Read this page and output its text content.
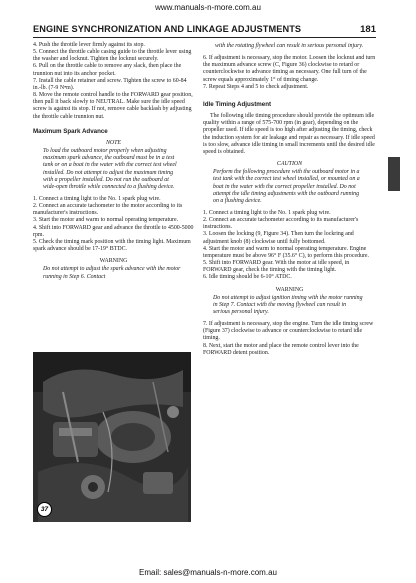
www.manuals-n-more.com.au
ENGINE SYNCHRONIZATION AND LINKAGE ADJUSTMENTS	181

4. Push the throttle lever firmly against its stop.

5. Connect the throttle cable casing guide to the throttle lever using the washer and locknut. Tighten the locknut securely.

6. Pull on the throttle cable to remove any slack, then place the trunnion nut into its anchor pocket.

7. Install the cable retainer and screw. Tighten the screw to 60-84 in.-lb. (7-9 N•m).

8. Move the remote control handle to the FORWARD gear position, then pull it back slowly to NEUTRAL. Make sure the idle speed screw is against its stop. If not, remove cable backlash by adjusting the throttle cable trunnion nut.

Maximum Spark Advance

NOTE

To load the outboard motor properly when adjusting maximum spark advance, the outboard must be in a test tank or on a boat in the water with the correct test wheel installed. Do not attempt to adjust the maximum timing with a propeller installed. Do not run the outboard at wide-open throttle while connected to a flushing device.

1. Connect a timing light to the No. 1 spark plug wire.

2. Connect an accurate tachometer to the motor according to its manufacturer's instructions.

3. Start the motor and warm to normal operating temperature.

4. Shift into FORWARD gear and advance the throttle to 4500-5000 rpm.

5. Check the timing mark position with the timing light. Maximum spark advance should be 17-19° BTDC.

WARNING

Do not attempt to adjust the spark advance with the motor running in Step 6. Contact

37

with the rotating flywheel can result in serious personal injury.

6. If adjustment is necessary, stop the motor. Loosen the locknut and turn the maximum advance screw (C, Figure 36) clockwise to retard or counterclockwise to advance timing as necessary. One full turn of the screw equals approximately 1° of timing change.

7. Repeat Steps 4 and 5 to check adjustment.

Idle Timing Adjustment

The following idle timing procedure should provide the optimum idle quality within a range of 575-700 rpm (in gear), depending on the propeller used. If idle speed is too high after adjusting the timing, check the induction system for air leakage and repair as necessary. If idle speed is too slow, advance idle timing in small increments until the desired idle speed is obtained.

CAUTION

Perform the following procedure with the outboard motor in a test tank with the correct test wheel installed, or mounted on a boat in the water with the correct propeller installed. Do not attempt the idle timing adjustments with the outboard running on a flushing device.

1. Connect a timing light to the No. 1 spark plug wire.

2. Connect an accurate tachometer according to its manufacturer's instructions.

3. Loosen the locking (9, Figure 34). Then turn the lockring and adjustment knob (8) clockwise until fully bottomed.

4. Start the motor and warm to normal operating temperature. Engine temperature must be above 96° F (35.6° C), to perform this procedure.

5. Shift into FORWARD gear. With the motor at idle speed, in FORWARD gear, check the timing with the timing light.

6. Idle timing should be 6-10° ATDC.

WARNING

Do not attempt to adjust ignition timing with the motor running in Step 7. Contact with the moving flywheel can result in serious personal injury.

7. If adjustment is necessary, stop the engine. Turn the idle timing screw (Figure 37) clockwise to advance or counterclockwise to retard idle timing.

8. Next, start the motor and place the remote control lever into the FORWARD detent position.

Email: sales@manuals-n-more.com.au
